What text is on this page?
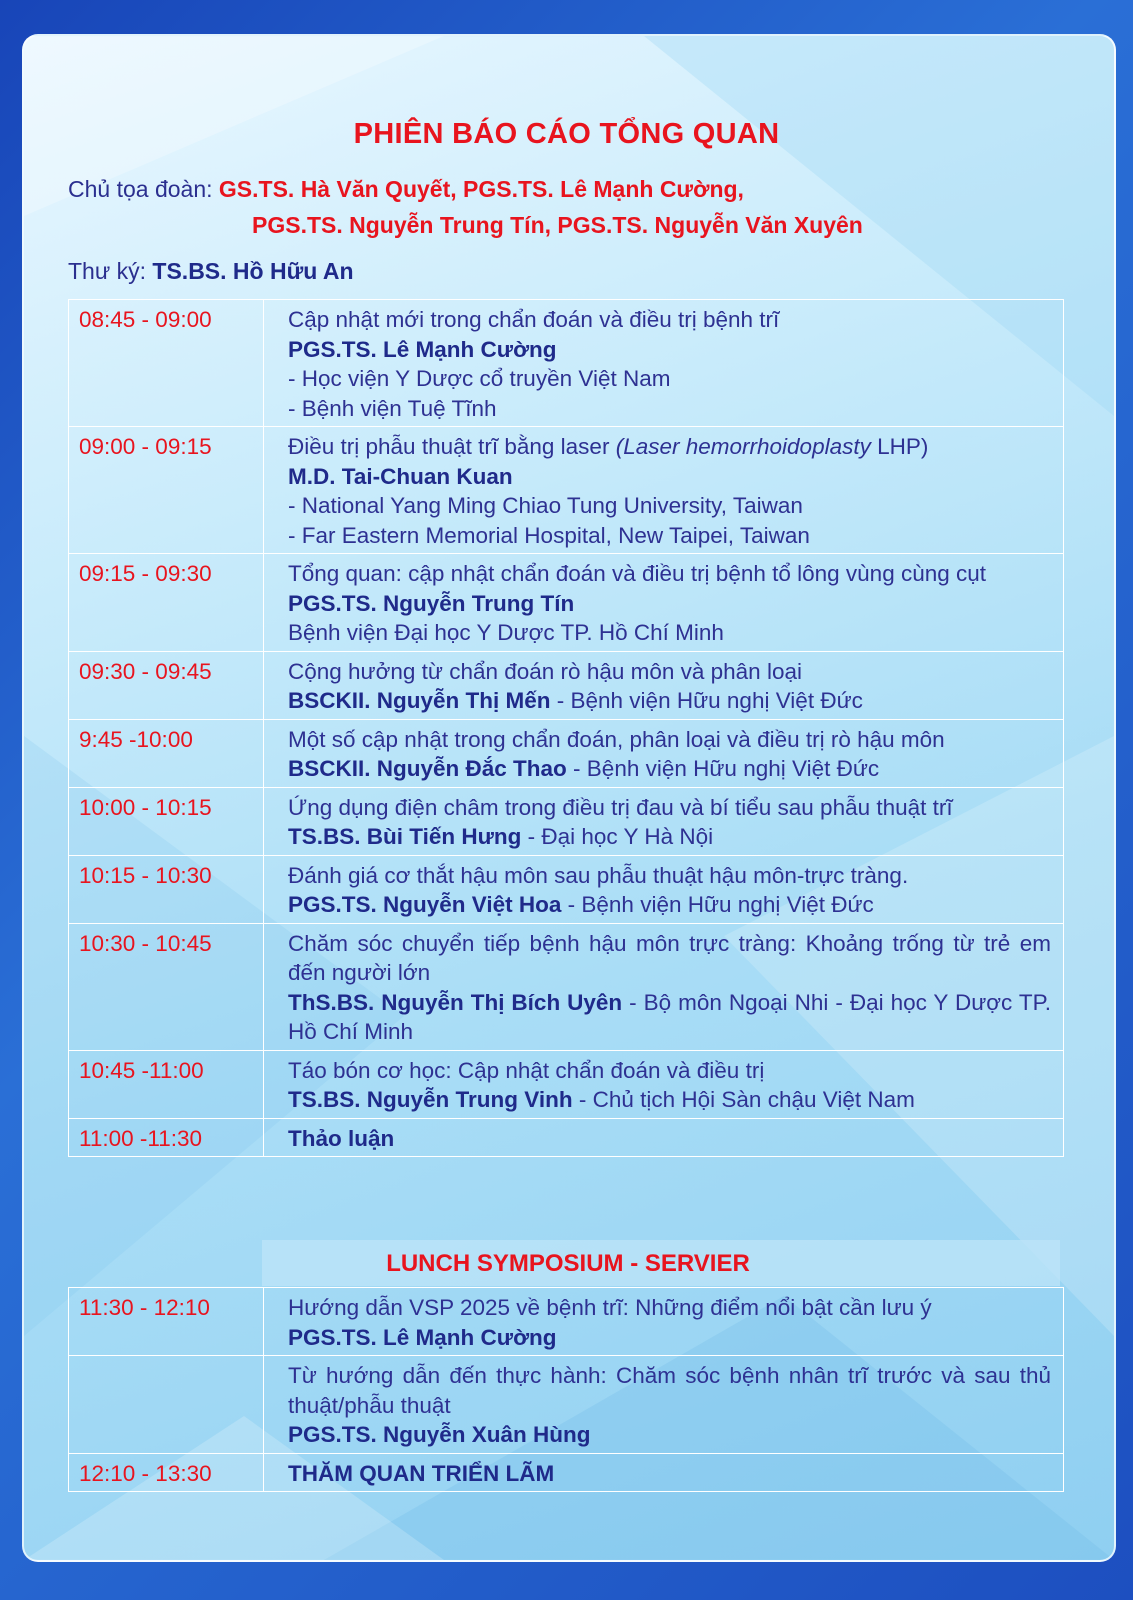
PHIÊN BÁO CÁO TỔNG QUAN
Chủ tọa đoàn: GS.TS. Hà Văn Quyết, PGS.TS. Lê Mạnh Cường,
PGS.TS. Nguyễn Trung Tín, PGS.TS. Nguyễn Văn Xuyên
Thư ký: TS.BS. Hồ Hữu An
08:45 - 09:00	Cập nhật mới trong chẩn đoán và điều trị bệnh trĩ
PGS.TS. Lê Mạnh Cường
- Học viện Y Dược cổ truyền Việt Nam
- Bệnh viện Tuệ Tĩnh

09:00 - 09:15	Điều trị phẫu thuật trĩ bằng laser (Laser hemorrhoidoplasty LHP)
M.D. Tai-Chuan Kuan
- National Yang Ming Chiao Tung University, Taiwan
- Far Eastern Memorial Hospital, New Taipei, Taiwan

09:15 - 09:30	Tổng quan: cập nhật chẩn đoán và điều trị bệnh tổ lông vùng cùng cụt
PGS.TS. Nguyễn Trung Tín
Bệnh viện Đại học Y Dược TP. Hồ Chí Minh

09:30 - 09:45	Cộng hưởng từ chẩn đoán rò hậu môn và phân loại
BSCKII. Nguyễn Thị Mến - Bệnh viện Hữu nghị Việt Đức

9:45 -10:00	Một số cập nhật trong chẩn đoán, phân loại và điều trị rò hậu môn
BSCKII. Nguyễn Đắc Thao - Bệnh viện Hữu nghị Việt Đức

10:00 - 10:15	Ứng dụng điện châm trong điều trị đau và bí tiểu sau phẫu thuật trĩ
TS.BS. Bùi Tiến Hưng - Đại học Y Hà Nội

10:15 - 10:30	Đánh giá cơ thắt hậu môn sau phẫu thuật hậu môn-trực tràng.
PGS.TS. Nguyễn Việt Hoa - Bệnh viện Hữu nghị Việt Đức

10:30 - 10:45	Chăm sóc chuyển tiếp bệnh hậu môn trực tràng: Khoảng trống từ trẻ em đến người lớn
ThS.BS. Nguyễn Thị Bích Uyên - Bộ môn Ngoại Nhi - Đại học Y Dược TP. Hồ Chí Minh

10:45 -11:00	Táo bón cơ học: Cập nhật chẩn đoán và điều trị
TS.BS. Nguyễn Trung Vinh - Chủ tịch Hội Sàn chậu Việt Nam

11:00 -11:30	Thảo luận
LUNCH SYMPOSIUM - SERVIER
11:30 - 12:10	Hướng dẫn VSP 2025 về bệnh trĩ: Những điểm nổi bật cần lưu ý
PGS.TS. Lê Mạnh Cường

	Từ hướng dẫn đến thực hành: Chăm sóc bệnh nhân trĩ trước và sau thủ thuật/phẫu thuật
PGS.TS. Nguyễn Xuân Hùng

12:10 - 13:30	THĂM QUAN TRIỂN LÃM
